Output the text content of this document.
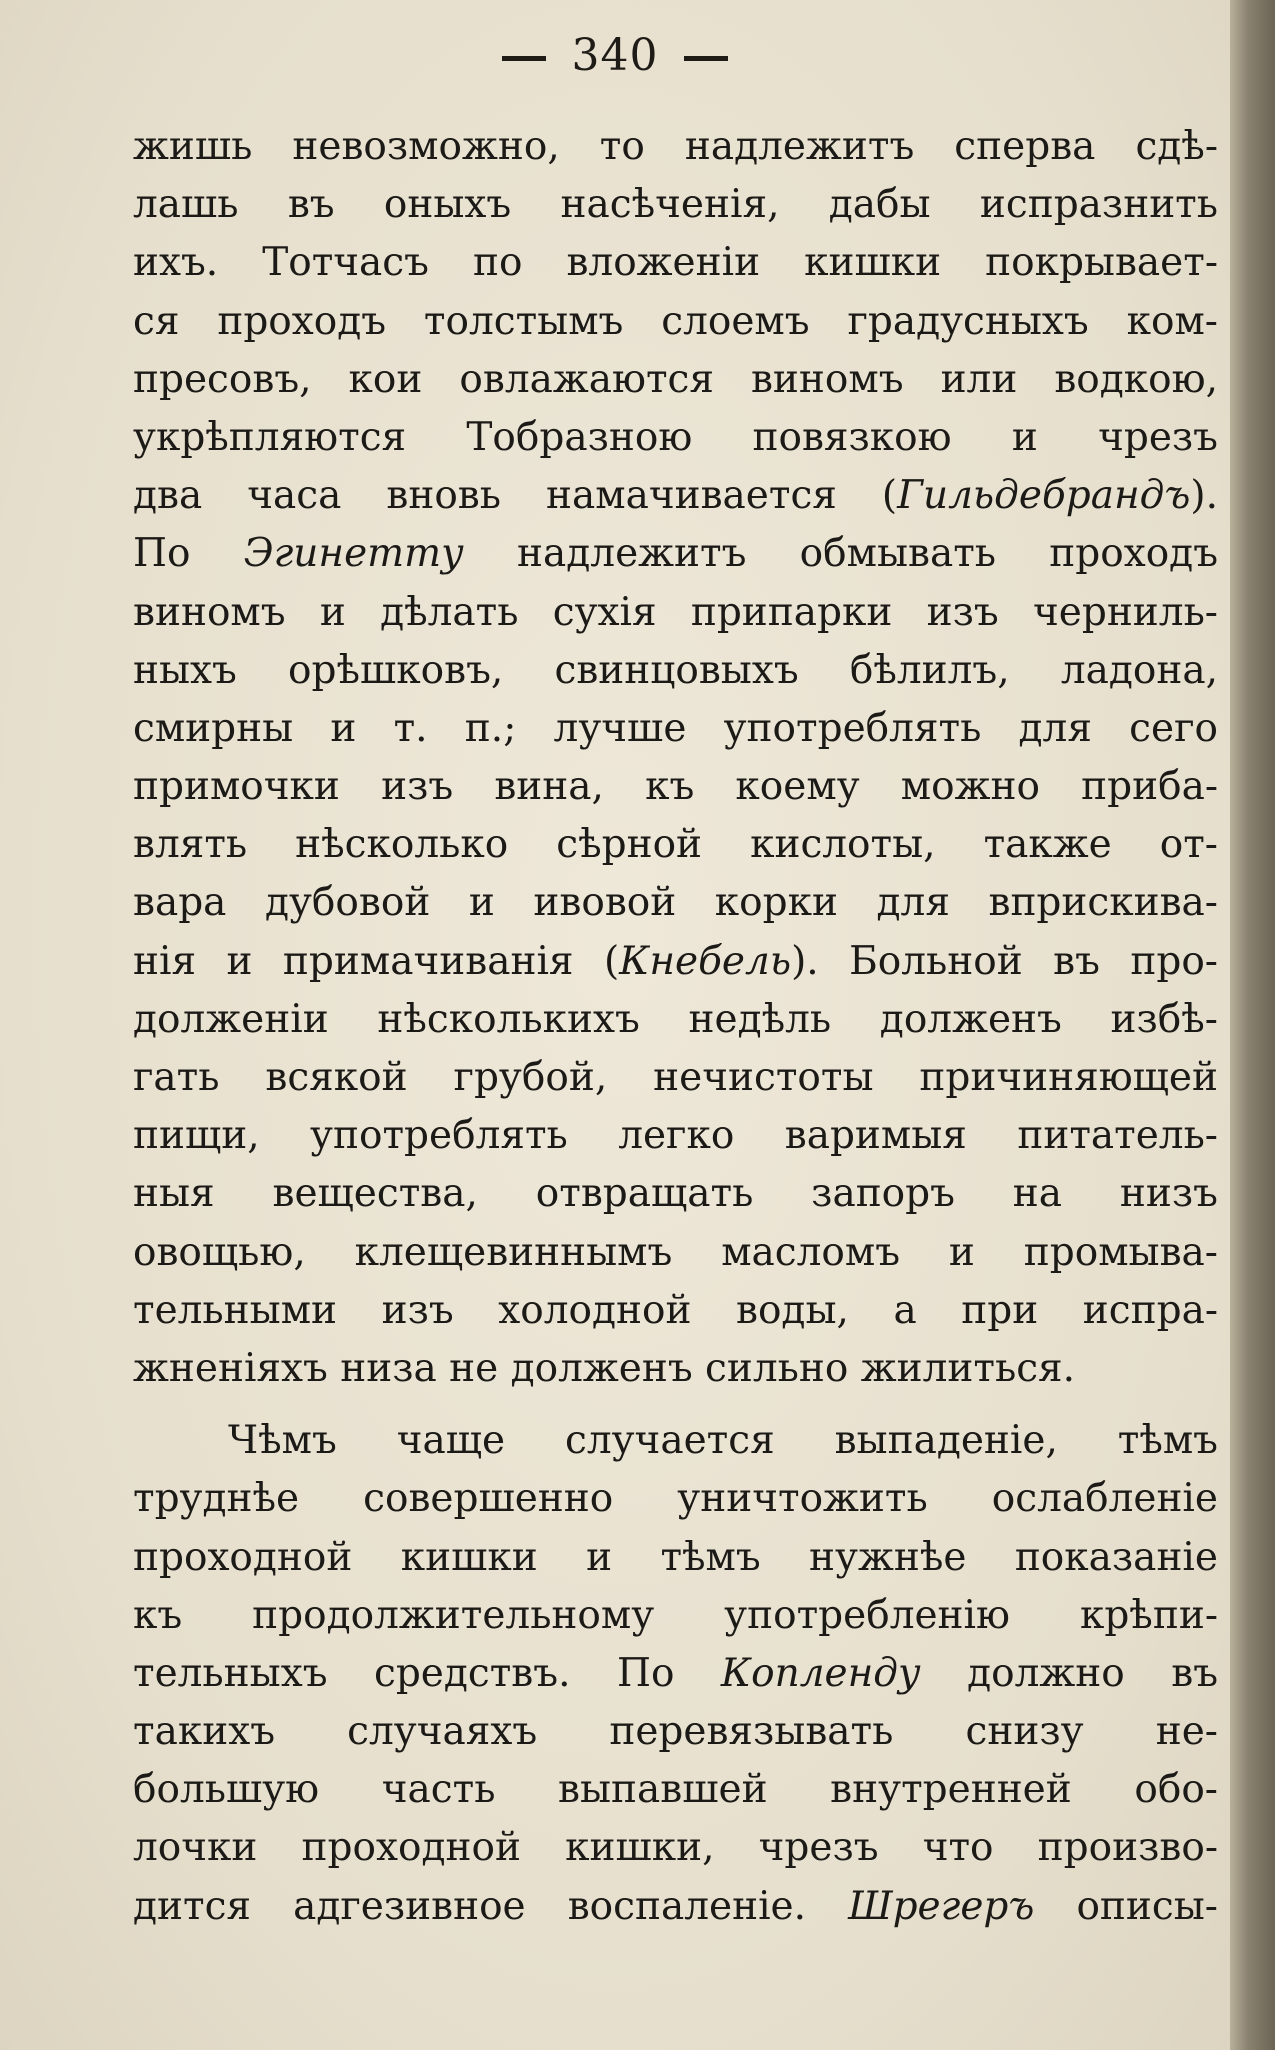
340
жишь невозможно, то надлежитъ сперва сдѣ-
лашь въ оныхъ насѣченія, дабы испразнить
ихъ. Тотчасъ по вложеніи кишки покрывает-
ся проходъ толстымъ слоемъ градусныхъ ком-
пресовъ, кои овлажаются виномъ или водкою,
укрѣпляются Тобразною повязкою и чрезъ
два часа вновь намачивается (Гильдебрандъ).
По Эгинетту надлежитъ обмывать проходъ
виномъ и дѣлать сухія припарки изъ черниль-
ныхъ орѣшковъ, свинцовыхъ бѣлилъ, ладона,
смирны и т. п.; лучше употреблять для сего
примочки изъ вина, къ коему можно приба-
влять нѣсколько сѣрной кислоты, также от-
вара дубовой и ивовой корки для вприскива-
нія и примачиванія (Кнебель). Больной въ про-
долженіи нѣсколькихъ недѣль долженъ избѣ-
гать всякой грубой, нечистоты причиняющей
пищи, употреблять легко варимыя питатель-
ныя вещества, отвращать запоръ на низъ
овощью, клещевиннымъ масломъ и промыва-
тельными изъ холодной воды, а при испра-
жненіяхъ низа не долженъ сильно жилиться.
Чѣмъ чаще случается выпаденіе, тѣмъ
труднѣе совершенно уничтожить ослабленіе
проходной кишки и тѣмъ нужнѣе показаніе
къ продолжительному употребленію крѣпи-
тельныхъ средствъ. По Копленду должно въ
такихъ случаяхъ перевязывать снизу не-
большую часть выпавшей внутренней обо-
лочки проходной кишки, чрезъ что произво-
дится адгезивное воспаленіе. Шрегеръ описы-
